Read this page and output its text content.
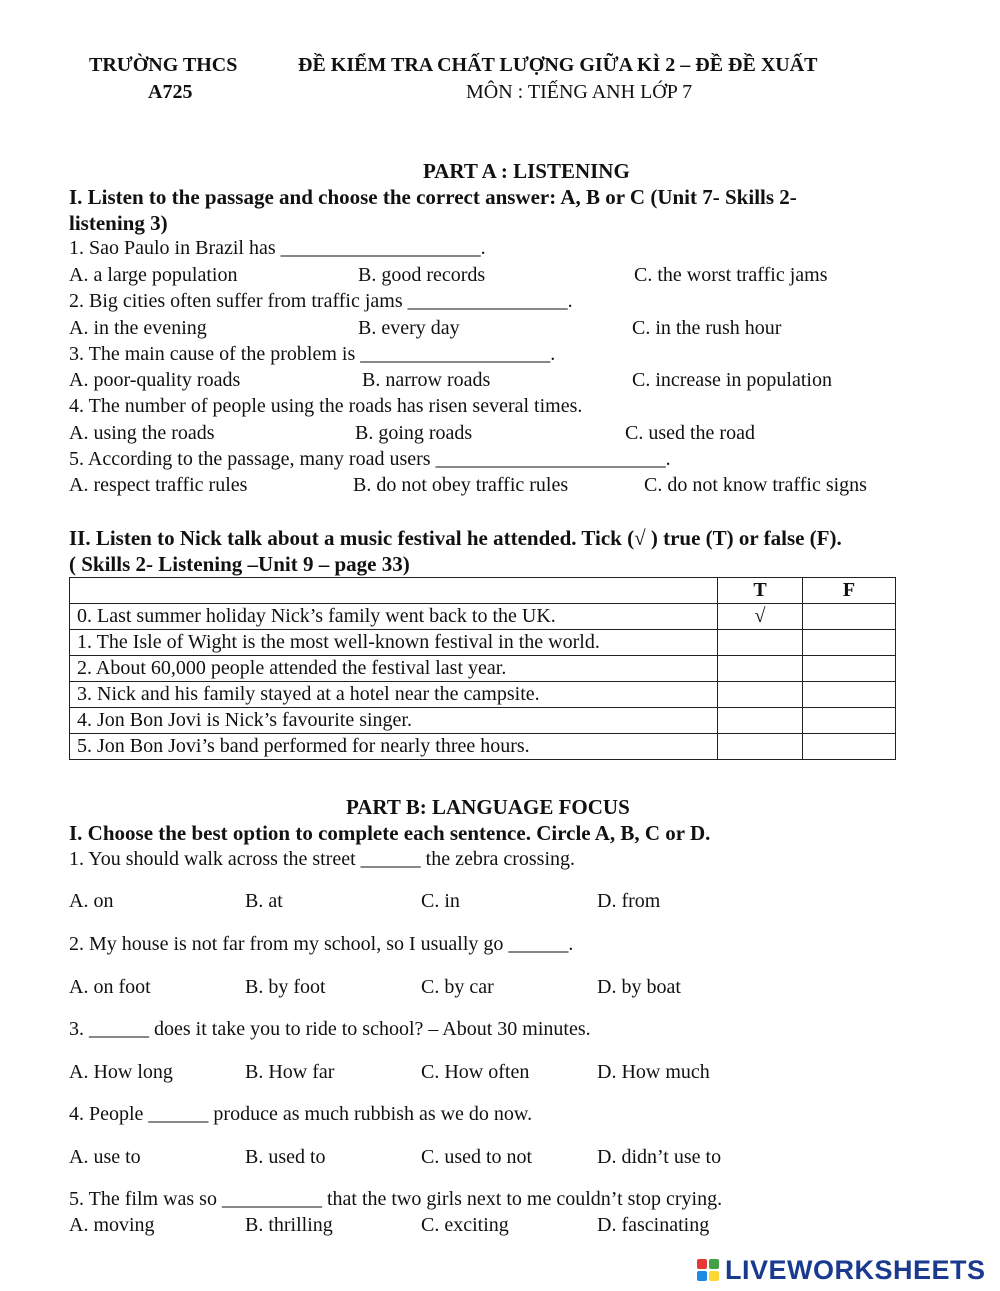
TRƯỜNG THCS
A725
ĐỀ KIỂM TRA CHẤT LƯỢNG GIỮA KÌ 2 – ĐỀ ĐỀ XUẤT
MÔN : TIẾNG ANH LỚP 7
PART A : LISTENING
I. Listen to the passage and choose the correct answer: A, B or C (Unit 7- Skills 2-
listening 3)
1. Sao Paulo in Brazil has ____________________.
A. a large population	B. good records	C. the worst traffic jams
2. Big cities often suffer from traffic jams ________________.
A. in the evening	B. every day	C. in the rush hour
3. The main cause of the problem is ___________________.
A. poor-quality roads	B. narrow roads	C. increase in population
4. The number of people using the roads has risen several times.
A. using the roads	B. going roads	C. used the road
5. According to the passage, many road users _______________________.
A. respect traffic rules	B. do not obey traffic rules	C. do not know traffic signs
II. Listen to Nick talk about a music festival he attended. Tick (√ ) true (T) or false (F).
( Skills 2- Listening –Unit 9 – page 33)
	T	F
0. Last summer holiday Nick’s family went back to the UK.	√	
1. The Isle of Wight is the most well-known festival in the world.		
2. About 60,000 people attended the festival last year.		
3. Nick and his family stayed at a hotel near the campsite.		
4. Jon Bon Jovi is Nick’s favourite singer.		
5. Jon Bon Jovi’s band performed for nearly three hours.		
PART B: LANGUAGE FOCUS
I. Choose the best option to complete each sentence. Circle A, B, C or D.
1. You should walk across the street ______ the zebra crossing.
A. on	B. at	C. in	D. from
2. My house is not far from my school, so I usually go ______.
A. on foot	B. by foot	C. by car	D. by boat
3. ______ does it take you to ride to school? – About 30 minutes.
A. How long	B. How far	C. How often	D. How much
4. People ______ produce as much rubbish as we do now.
A. use to	B. used to	C. used to not	D. didn’t use to
5. The film was so __________ that the two girls next to me couldn’t stop crying.
A. moving	B. thrilling	C. exciting	D. fascinating
LIVEWORKSHEETS
